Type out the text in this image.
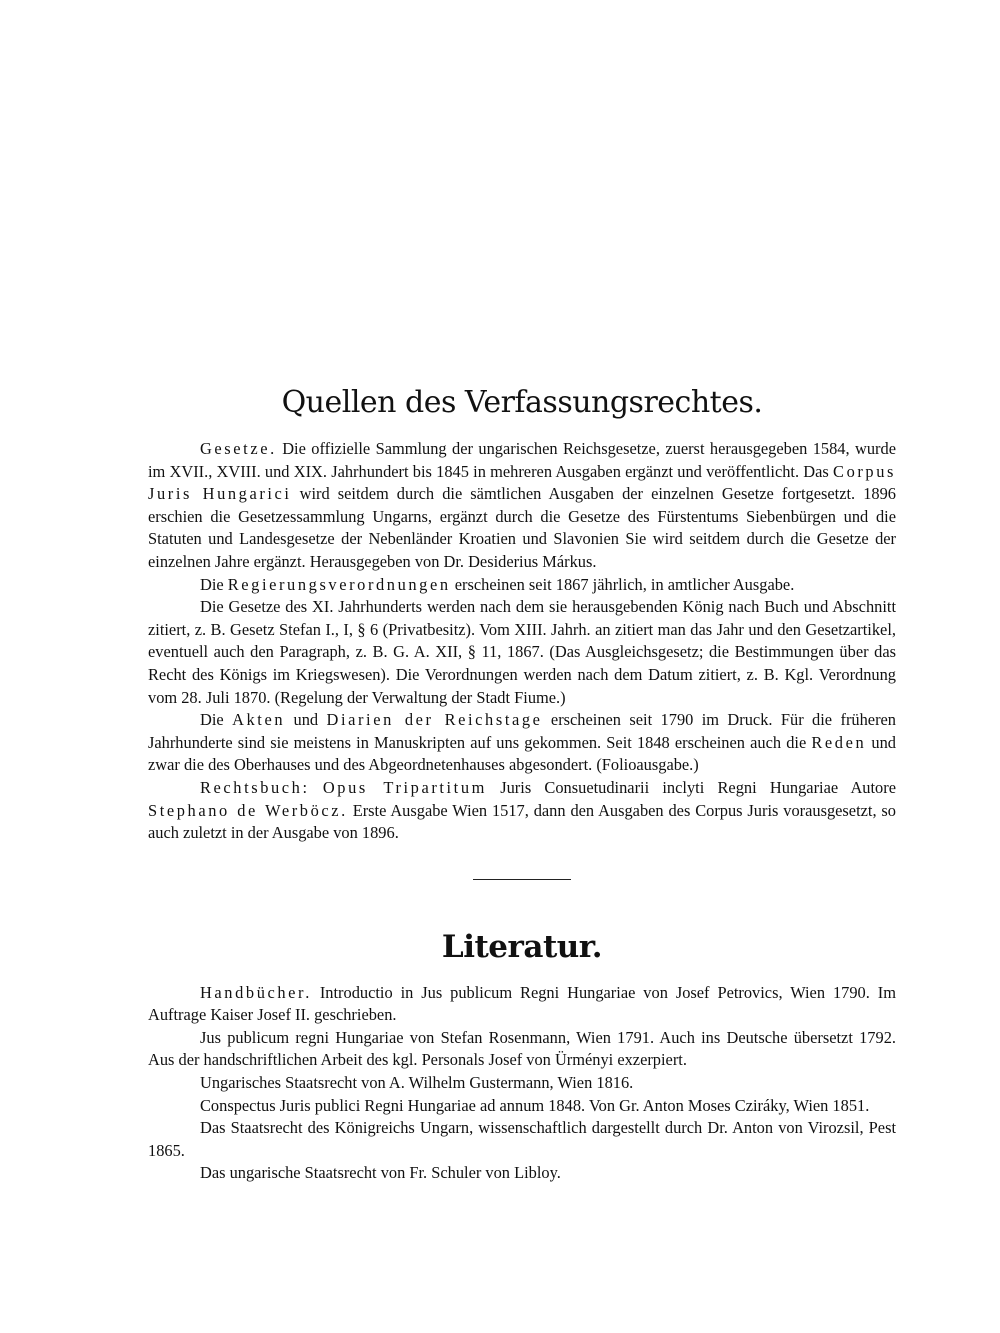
Quellen des Verfassungsrechtes.

Gesetze. Die offizielle Sammlung der ungarischen Reichsgesetze, zuerst herausgegeben 1584, wurde im XVII., XVIII. und XIX. Jahrhundert bis 1845 in mehreren Ausgaben ergänzt und veröffentlicht. Das Corpus Juris Hungarici wird seitdem durch die sämtlichen Ausgaben der einzelnen Gesetze fortgesetzt. 1896 erschien die Gesetzessammlung Ungarns, ergänzt durch die Gesetze des Fürstentums Siebenbürgen und die Statuten und Landesgesetze der Nebenländer Kroatien und Slavonien Sie wird seitdem durch die Gesetze der einzelnen Jahre ergänzt. Herausgegeben von Dr. Desiderius Márkus.

Die Regierungsverordnungen erscheinen seit 1867 jährlich, in amtlicher Ausgabe.

Die Gesetze des XI. Jahrhunderts werden nach dem sie herausgebenden König nach Buch und Abschnitt zitiert, z. B. Gesetz Stefan I., I, § 6 (Privatbesitz). Vom XIII. Jahrh. an zitiert man das Jahr und den Gesetzartikel, eventuell auch den Paragraph, z. B. G. A. XII, § 11, 1867. (Das Ausgleichsgesetz; die Bestimmungen über das Recht des Königs im Kriegswesen). Die Verordnungen werden nach dem Datum zitiert, z. B. Kgl. Verordnung vom 28. Juli 1870. (Regelung der Verwaltung der Stadt Fiume.)

Die Akten und Diarien der Reichstage erscheinen seit 1790 im Druck. Für die früheren Jahrhunderte sind sie meistens in Manuskripten auf uns gekommen. Seit 1848 erscheinen auch die Reden und zwar die des Oberhauses und des Abgeordnetenhauses abgesondert. (Folioausgabe.)

Rechtsbuch: Opus Tripartitum Juris Consuetudinarii inclyti Regni Hungariae Autore Stephano de Werböcz. Erste Ausgabe Wien 1517, dann den Ausgaben des Corpus Juris vorausgesetzt, so auch zuletzt in der Ausgabe von 1896.

Literatur.

Handbücher. Introductio in Jus publicum Regni Hungariae von Josef Petrovics, Wien 1790. Im Auftrage Kaiser Josef II. geschrieben.

Jus publicum regni Hungariae von Stefan Rosenmann, Wien 1791. Auch ins Deutsche übersetzt 1792. Aus der handschriftlichen Arbeit des kgl. Personals Josef von Ürményi exzerpiert.

Ungarisches Staatsrecht von A. Wilhelm Gustermann, Wien 1816.

Conspectus Juris publici Regni Hungariae ad annum 1848. Von Gr. Anton Moses Cziráky, Wien 1851.

Das Staatsrecht des Königreichs Ungarn, wissenschaftlich dargestellt durch Dr. Anton von Virozsil, Pest 1865.

Das ungarische Staatsrecht von Fr. Schuler von Libloy.
